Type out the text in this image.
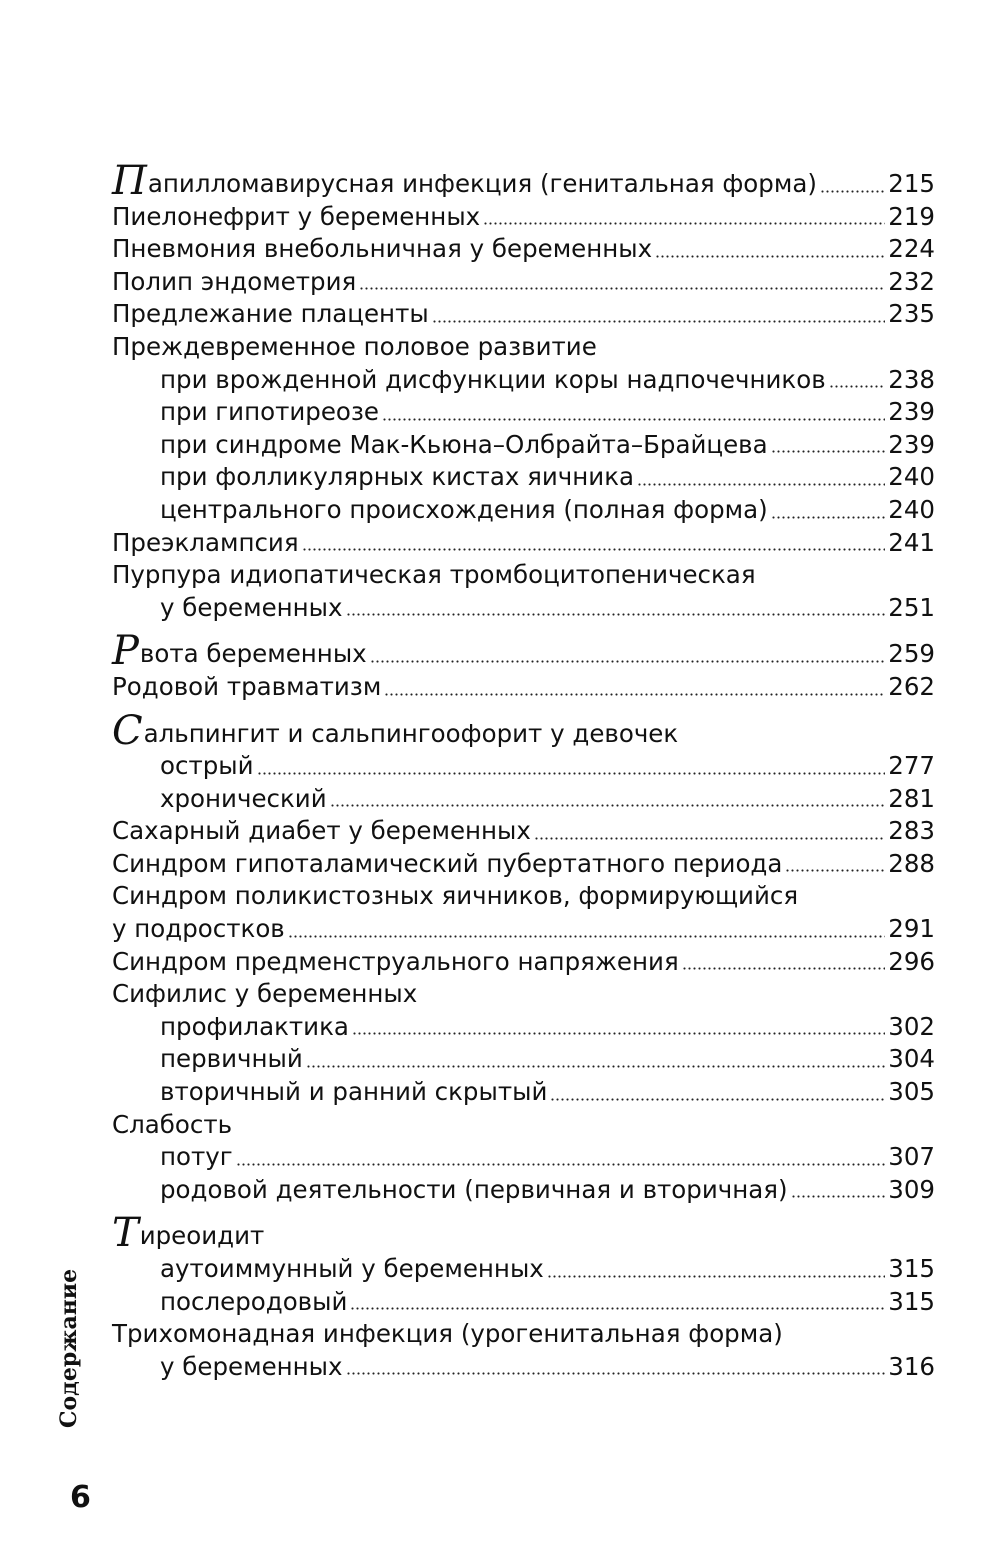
Папилломавирусная инфекция (генитальная форма)	215
Пиелонефрит у беременных	219
Пневмония внебольничная у беременных	224
Полип эндометрия	232
Предлежание плаценты	235
Преждевременное половое развитие
при врожденной дисфункции коры надпочечников	238
при гипотиреозе	239
при синдроме Мак-Кьюна–Олбрайта–Брайцева	239
при фолликулярных кистах яичника	240
центрального происхождения (полная форма)	240
Преэклампсия	241
Пурпура идиопатическая тромбоцитопеническая
у беременных	251
Рвота беременных	259
Родовой травматизм	262
Сальпингит и сальпингоофорит у девочек
острый	277
хронический	281
Сахарный диабет у беременных	283
Синдром гипоталамический пубертатного периода	288
Синдром поликистозных яичников, формирующийся
у подростков	291
Синдром предменструального напряжения	296
Сифилис у беременных
профилактика	302
первичный	304
вторичный и ранний скрытый	305
Слабость
потуг	307
родовой деятельности (первичная и вторичная)	309
Тиреоидит
аутоиммунный у беременных	315
послеродовый	315
Трихомонадная инфекция (урогенитальная форма)
у беременных	316
Содержание
6
